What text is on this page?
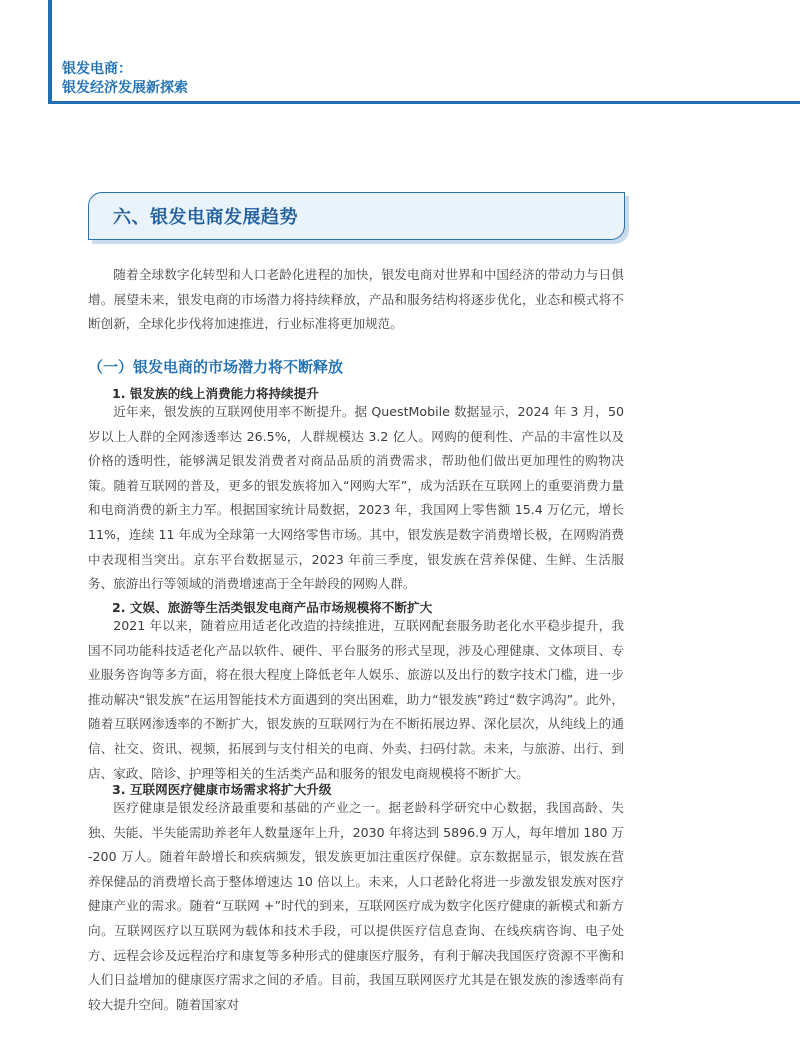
银发电商：
银发经济发展新探索
六、银发电商发展趋势

随着全球数字化转型和人口老龄化进程的加快，银发电商对世界和中国经济的带动力与日俱增。展望未来，银发电商的市场潜力将持续释放，产品和服务结构将逐步优化，业态和模式将不断创新，全球化步伐将加速推进，行业标准将更加规范。

（一）银发电商的市场潜力将不断释放
1. 银发族的线上消费能力将持续提升

近年来，银发族的互联网使用率不断提升。据 QuestMobile 数据显示，2024 年 3 月，50 岁以上人群的全网渗透率达 26.5%，人群规模达 3.2 亿人。网购的便利性、产品的丰富性以及价格的透明性，能够满足银发消费者对商品品质的消费需求，帮助他们做出更加理性的购物决策。随着互联网的普及，更多的银发族将加入“网购大军”，成为活跃在互联网上的重要消费力量和电商消费的新主力军。根据国家统计局数据，2023 年，我国网上零售额 15.4 万亿元，增长 11%，连续 11 年成为全球第一大网络零售市场。其中，银发族是数字消费增长极，在网购消费中表现相当突出。京东平台数据显示，2023 年前三季度，银发族在营养保健、生鲜、生活服务、旅游出行等领域的消费增速高于全年龄段的网购人群。

2. 文娱、旅游等生活类银发电商产品市场规模将不断扩大

2021 年以来，随着应用适老化改造的持续推进，互联网配套服务助老化水平稳步提升，我国不同功能科技适老化产品以软件、硬件、平台服务的形式呈现，涉及心理健康、文体项目、专业服务咨询等多方面，将在很大程度上降低老年人娱乐、旅游以及出行的数字技术门槛，进一步推动解决“银发族”在运用智能技术方面遇到的突出困难，助力“银发族”跨过“数字鸿沟”。此外，随着互联网渗透率的不断扩大，银发族的互联网行为在不断拓展边界、深化层次，从纯线上的通信、社交、资讯、视频，拓展到与支付相关的电商、外卖、扫码付款。未来，与旅游、出行、到店、家政、陪诊、护理等相关的生活类产品和服务的银发电商规模将不断扩大。

3. 互联网医疗健康市场需求将扩大升级

医疗健康是银发经济最重要和基础的产业之一。据老龄科学研究中心数据，我国高龄、失独、失能、半失能需助养老年人数量逐年上升，2030 年将达到 5896.9 万人，每年增加 180 万 -200 万人。随着年龄增长和疾病频发，银发族更加注重医疗保健。京东数据显示，银发族在营养保健品的消费增长高于整体增速达 10 倍以上。未来，人口老龄化将进一步激发银发族对医疗健康产业的需求。随着“互联网 +”时代的到来，互联网医疗成为数字化医疗健康的新模式和新方向。互联网医疗以互联网为载体和技术手段，可以提供医疗信息查询、在线疾病咨询、电子处方、远程会诊及远程治疗和康复等多种形式的健康医疗服务，有利于解决我国医疗资源不平衡和人们日益增加的健康医疗需求之间的矛盾。目前，我国互联网医疗尤其是在银发族的渗透率尚有较大提升空间。随着国家对
